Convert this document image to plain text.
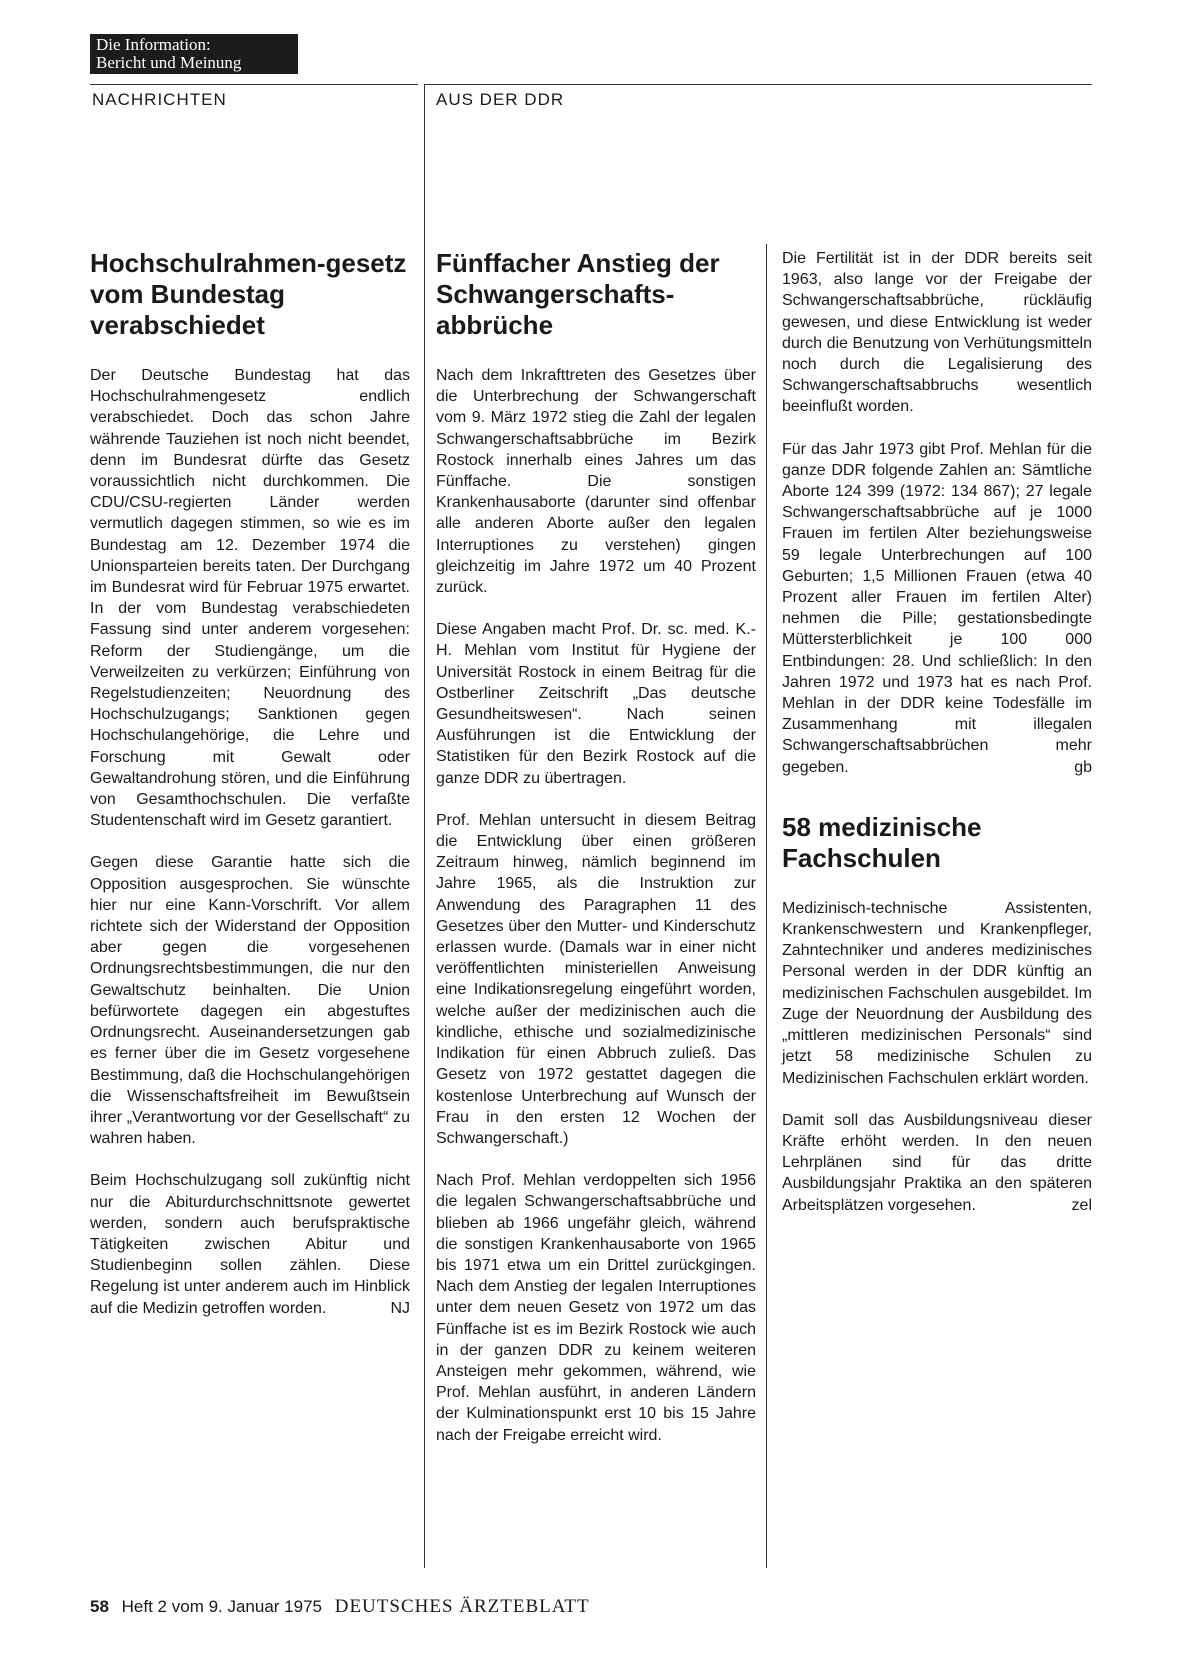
Die Information:
Bericht und Meinung
NACHRICHTEN	AUS DER DDR
Hochschulrahmen-gesetz vom Bundestag verabschiedet

Der Deutsche Bundestag hat das Hochschulrahmengesetz endlich verabschiedet. Doch das schon Jahre währende Tauziehen ist noch nicht beendet, denn im Bundesrat dürfte das Gesetz voraussichtlich nicht durchkommen. Die CDU/CSU-regierten Länder werden vermutlich dagegen stimmen, so wie es im Bundestag am 12. Dezember 1974 die Unionsparteien bereits taten. Der Durchgang im Bundesrat wird für Februar 1975 erwartet. In der vom Bundestag verabschiedeten Fassung sind unter anderem vorgesehen: Reform der Studiengänge, um die Verweilzeiten zu verkürzen; Einführung von Regelstudienzeiten; Neuordnung des Hochschulzugangs; Sanktionen gegen Hochschulangehörige, die Lehre und Forschung mit Gewalt oder Gewaltandrohung stören, und die Einführung von Gesamthochschulen. Die verfaßte Studentenschaft wird im Gesetz garantiert.

Gegen diese Garantie hatte sich die Opposition ausgesprochen. Sie wünschte hier nur eine Kann-Vorschrift. Vor allem richtete sich der Widerstand der Opposition aber gegen die vorgesehenen Ordnungsrechtsbestimmungen, die nur den Gewaltschutz beinhalten. Die Union befürwortete dagegen ein abgestuftes Ordnungsrecht. Auseinandersetzungen gab es ferner über die im Gesetz vorgesehene Bestimmung, daß die Hochschulangehörigen die Wissenschaftsfreiheit im Bewußtsein ihrer „Verantwortung vor der Gesellschaft“ zu wahren haben.

Beim Hochschulzugang soll zukünftig nicht nur die Abiturdurchschnittsnote gewertet werden, sondern auch berufspraktische Tätigkeiten zwischen Abitur und Studienbeginn sollen zählen. Diese Regelung ist unter anderem auch im Hinblick auf die Medizin getroffen worden.	NJ

Fünffacher Anstieg der Schwangerschafts-abbrüche

Nach dem Inkrafttreten des Gesetzes über die Unterbrechung der Schwangerschaft vom 9. März 1972 stieg die Zahl der legalen Schwangerschaftsabbrüche im Bezirk Rostock innerhalb eines Jahres um das Fünffache. Die sonstigen Krankenhausaborte (darunter sind offenbar alle anderen Aborte außer den legalen Interruptiones zu verstehen) gingen gleichzeitig im Jahre 1972 um 40 Prozent zurück.

Diese Angaben macht Prof. Dr. sc. med. K.-H. Mehlan vom Institut für Hygiene der Universität Rostock in einem Beitrag für die Ostberliner Zeitschrift „Das deutsche Gesundheitswesen“. Nach seinen Ausführungen ist die Entwicklung der Statistiken für den Bezirk Rostock auf die ganze DDR zu übertragen.

Prof. Mehlan untersucht in diesem Beitrag die Entwicklung über einen größeren Zeitraum hinweg, nämlich beginnend im Jahre 1965, als die Instruktion zur Anwendung des Paragraphen 11 des Gesetzes über den Mutter- und Kinderschutz erlassen wurde. (Damals war in einer nicht veröffentlichten ministeriellen Anweisung eine Indikationsregelung eingeführt worden, welche außer der medizinischen auch die kindliche, ethische und sozialmedizinische Indikation für einen Abbruch zuließ. Das Gesetz von 1972 gestattet dagegen die kostenlose Unterbrechung auf Wunsch der Frau in den ersten 12 Wochen der Schwangerschaft.)

Nach Prof. Mehlan verdoppelten sich 1956 die legalen Schwangerschaftsabbrüche und blieben ab 1966 ungefähr gleich, während die sonstigen Krankenhausaborte von 1965 bis 1971 etwa um ein Drittel zurückgingen. Nach dem Anstieg der legalen Interruptiones unter dem neuen Gesetz von 1972 um das Fünffache ist es im Bezirk Rostock wie auch in der ganzen DDR zu keinem weiteren Ansteigen mehr gekommen, während, wie Prof. Mehlan ausführt, in anderen Ländern der Kulminationspunkt erst 10 bis 15 Jahre nach der Freigabe erreicht wird.

Die Fertilität ist in der DDR bereits seit 1963, also lange vor der Freigabe der Schwangerschaftsabbrüche, rückläufig gewesen, und diese Entwicklung ist weder durch die Benutzung von Verhütungsmitteln noch durch die Legalisierung des Schwangerschaftsabbruchs wesentlich beeinflußt worden.

Für das Jahr 1973 gibt Prof. Mehlan für die ganze DDR folgende Zahlen an: Sämtliche Aborte 124 399 (1972: 134 867); 27 legale Schwangerschaftsabbrüche auf je 1000 Frauen im fertilen Alter beziehungsweise 59 legale Unterbrechungen auf 100 Geburten; 1,5 Millionen Frauen (etwa 40 Prozent aller Frauen im fertilen Alter) nehmen die Pille; gestationsbedingte Müttersterblichkeit je 100 000 Entbindungen: 28. Und schließlich: In den Jahren 1972 und 1973 hat es nach Prof. Mehlan in der DDR keine Todesfälle im Zusammenhang mit illegalen Schwangerschaftsabbrüchen mehr gegeben.	gb

58 medizinische Fachschulen

Medizinisch-technische Assistenten, Krankenschwestern und Krankenpfleger, Zahntechniker und anderes medizinisches Personal werden in der DDR künftig an medizinischen Fachschulen ausgebildet. Im Zuge der Neuordnung der Ausbildung des „mittleren medizinischen Personals“ sind jetzt 58 medizinische Schulen zu Medizinischen Fachschulen erklärt worden.

Damit soll das Ausbildungsniveau dieser Kräfte erhöht werden. In den neuen Lehrplänen sind für das dritte Ausbildungsjahr Praktika an den späteren Arbeitsplätzen vorgesehen.	zel

58 Heft 2 vom 9. Januar 1975 DEUTSCHES ÄRZTEBLATT
